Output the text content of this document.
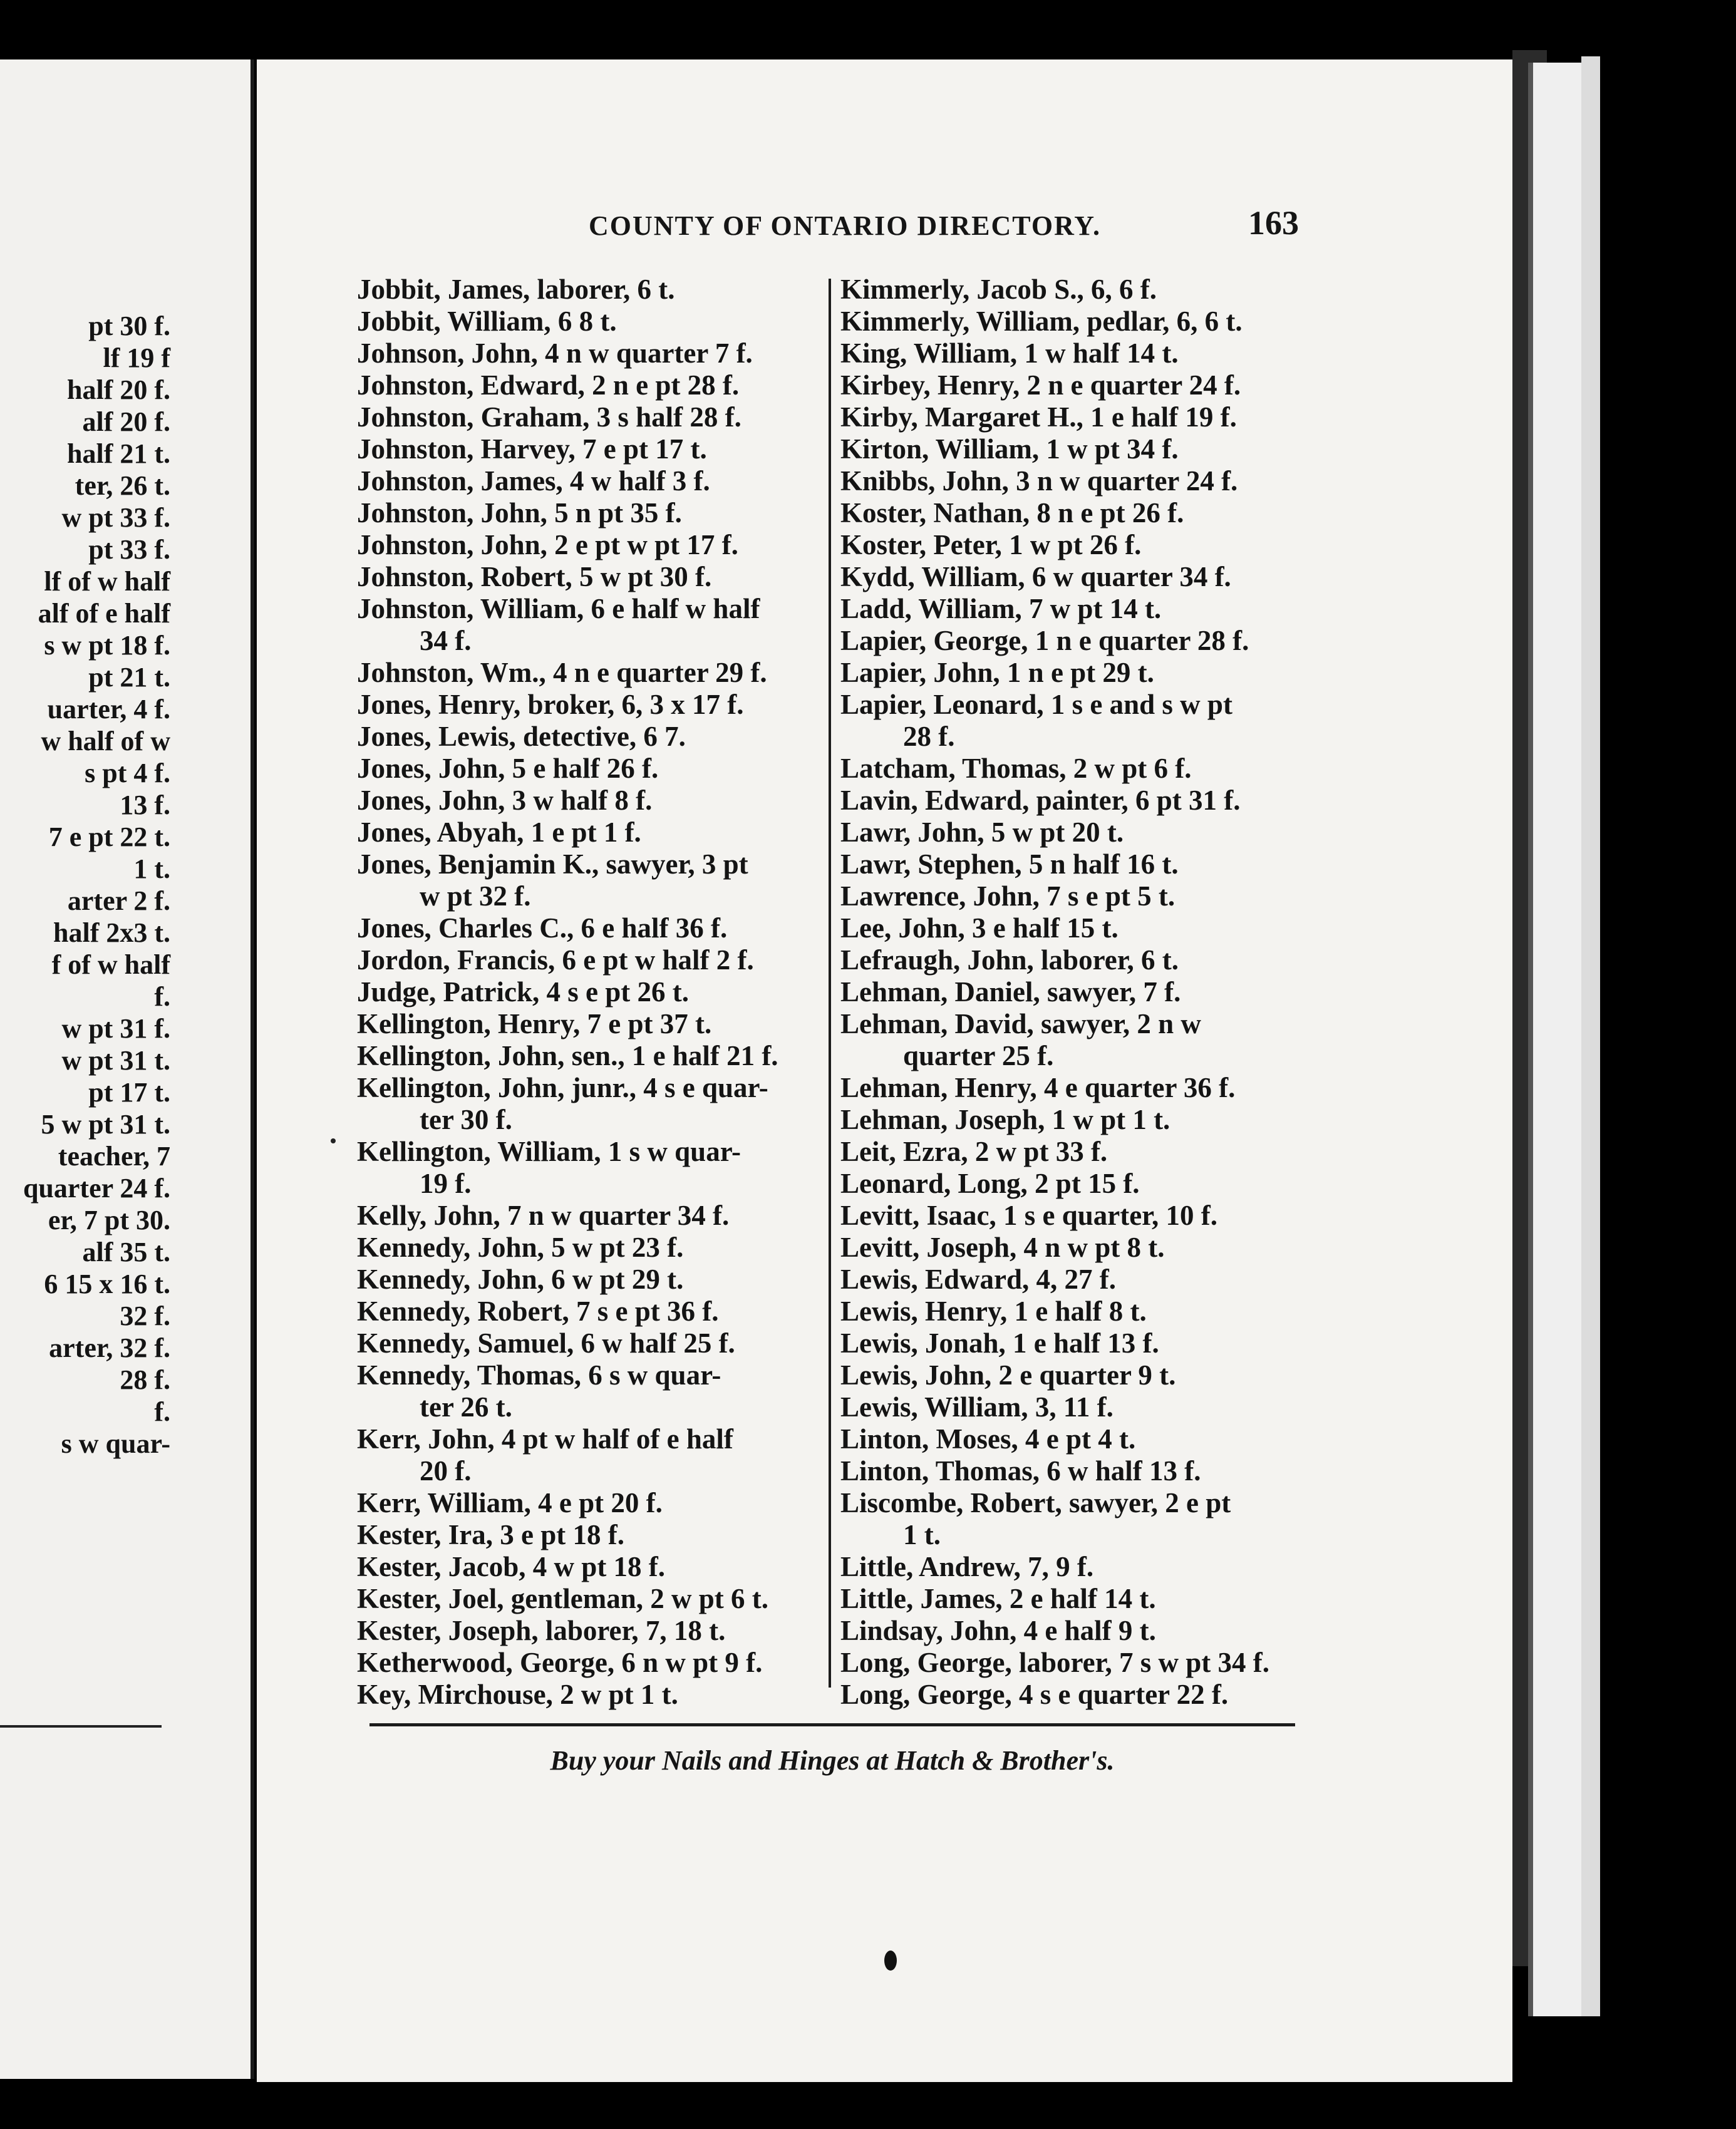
pt 30 f.
lf 19 f
half 20 f.
alf 20 f.
half 21 t.
ter, 26 t.
w pt 33 f.
pt 33 f.
lf of w half
alf of e half
s w pt 18 f.
pt 21 t.
uarter, 4 f.
w half of w
s pt 4 f.
13 f.
7 e pt 22 t.
1 t.
arter 2 f.
half 2x3 t.
f of w half
f.
w pt 31 f.
w pt 31 t.
pt 17 t.
5 w pt 31 t.
teacher, 7
quarter 24 f.
er, 7 pt 30.
alf 35 t.
6 15 x 16 t.
32 f.
arter, 32 f.
28 f.
f.
s w quar-
COUNTY OF ONTARIO DIRECTORY.	163
Jobbit, James, laborer, 6 t.
Jobbit, William, 6 8 t.
Johnson, John, 4 n w quarter 7 f.
Johnston, Edward, 2 n e pt 28 f.
Johnston, Graham, 3 s half 28 f.
Johnston, Harvey, 7 e pt 17 t.
Johnston, James, 4 w half 3 f.
Johnston, John, 5 n pt 35 f.
Johnston, John, 2 e pt w pt 17 f.
Johnston, Robert, 5 w pt 30 f.
Johnston, William, 6 e half w half
34 f.
Johnston, Wm., 4 n e quarter 29 f.
Jones, Henry, broker, 6, 3 x 17 f.
Jones, Lewis, detective, 6 7.
Jones, John, 5 e half 26 f.
Jones, John, 3 w half 8 f.
Jones, Abyah, 1 e pt 1 f.
Jones, Benjamin K., sawyer, 3 pt
w pt 32 f.
Jones, Charles C., 6 e half 36 f.
Jordon, Francis, 6 e pt w half 2 f.
Judge, Patrick, 4 s e pt 26 t.
Kellington, Henry, 7 e pt 37 t.
Kellington, John, sen., 1 e half 21 f.
Kellington, John, junr., 4 s e quar-
ter 30 f.
Kellington, William, 1 s w quar-
19 f.
Kelly, John, 7 n w quarter 34 f.
Kennedy, John, 5 w pt 23 f.
Kennedy, John, 6 w pt 29 t.
Kennedy, Robert, 7 s e pt 36 f.
Kennedy, Samuel, 6 w half 25 f.
Kennedy, Thomas, 6 s w quar-
ter 26 t.
Kerr, John, 4 pt w half of e half
20 f.
Kerr, William, 4 e pt 20 f.
Kester, Ira, 3 e pt 18 f.
Kester, Jacob, 4 w pt 18 f.
Kester, Joel, gentleman, 2 w pt 6 t.
Kester, Joseph, laborer, 7, 18 t.
Ketherwood, George, 6 n w pt 9 f.
Key, Mirchouse, 2 w pt 1 t.
Kimmerly, Jacob S., 6, 6 f.
Kimmerly, William, pedlar, 6, 6 t.
King, William, 1 w half 14 t.
Kirbey, Henry, 2 n e quarter 24 f.
Kirby, Margaret H., 1 e half 19 f.
Kirton, William, 1 w pt 34 f.
Knibbs, John, 3 n w quarter 24 f.
Koster, Nathan, 8 n e pt 26 f.
Koster, Peter, 1 w pt 26 f.
Kydd, William, 6 w quarter 34 f.
Ladd, William, 7 w pt 14 t.
Lapier, George, 1 n e quarter 28 f.
Lapier, John, 1 n e pt 29 t.
Lapier, Leonard, 1 s e and s w pt
28 f.
Latcham, Thomas, 2 w pt 6 f.
Lavin, Edward, painter, 6 pt 31 f.
Lawr, John, 5 w pt 20 t.
Lawr, Stephen, 5 n half 16 t.
Lawrence, John, 7 s e pt 5 t.
Lee, John, 3 e half 15 t.
Lefraugh, John, laborer, 6 t.
Lehman, Daniel, sawyer, 7 f.
Lehman, David, sawyer, 2 n w
quarter 25 f.
Lehman, Henry, 4 e quarter 36 f.
Lehman, Joseph, 1 w pt 1 t.
Leit, Ezra, 2 w pt 33 f.
Leonard, Long, 2 pt 15 f.
Levitt, Isaac, 1 s e quarter, 10 f.
Levitt, Joseph, 4 n w pt 8 t.
Lewis, Edward, 4, 27 f.
Lewis, Henry, 1 e half 8 t.
Lewis, Jonah, 1 e half 13 f.
Lewis, John, 2 e quarter 9 t.
Lewis, William, 3, 11 f.
Linton, Moses, 4 e pt 4 t.
Linton, Thomas, 6 w half 13 f.
Liscombe, Robert, sawyer, 2 e pt
1 t.
Little, Andrew, 7, 9 f.
Little, James, 2 e half 14 t.
Lindsay, John, 4 e half 9 t.
Long, George, laborer, 7 s w pt 34 f.
Long, George, 4 s e quarter 22 f.
Buy your Nails and Hinges at Hatch & Brother's.
